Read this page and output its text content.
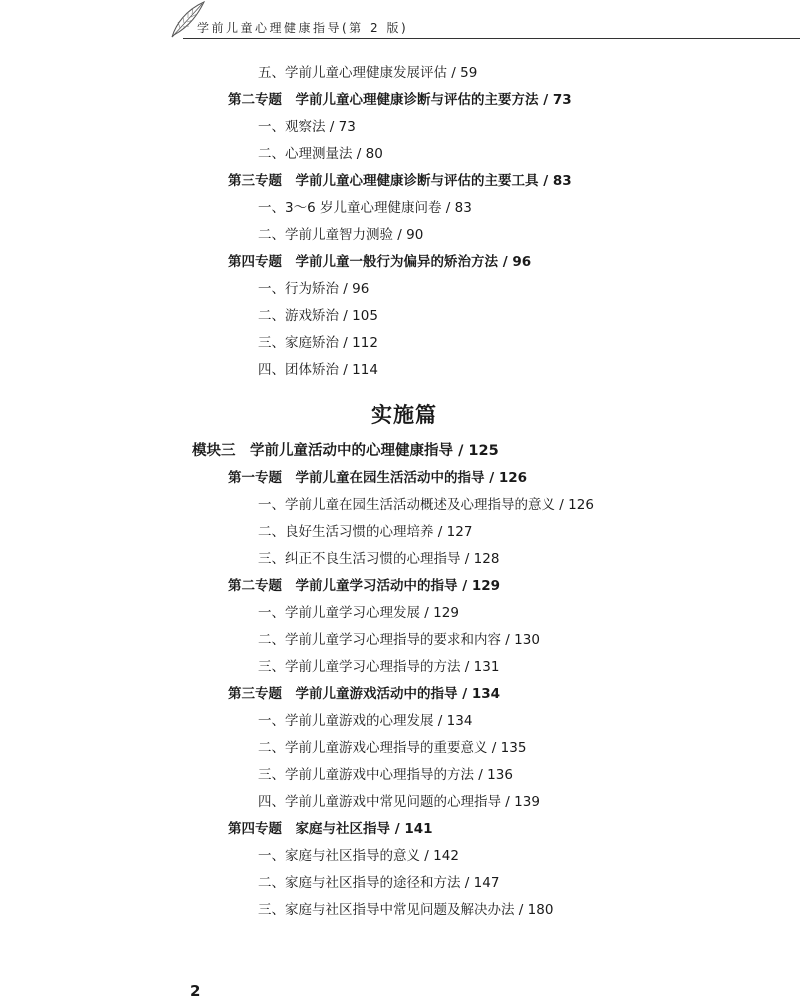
学前儿童心理健康指导(第 2 版)
五、学前儿童心理健康发展评估 / 59
第二专题　学前儿童心理健康诊断与评估的主要方法 / 73
一、观察法 / 73
二、心理测量法 / 80
第三专题　学前儿童心理健康诊断与评估的主要工具 / 83
一、3～6 岁儿童心理健康问卷 / 83
二、学前儿童智力测验 / 90
第四专题　学前儿童一般行为偏异的矫治方法 / 96
一、行为矫治 / 96
二、游戏矫治 / 105
三、家庭矫治 / 112
四、团体矫治 / 114
模块三　学前儿童活动中的心理健康指导 / 125
第一专题　学前儿童在园生活活动中的指导 / 126
一、学前儿童在园生活活动概述及心理指导的意义 / 126
二、良好生活习惯的心理培养 / 127
三、纠正不良生活习惯的心理指导 / 128
第二专题　学前儿童学习活动中的指导 / 129
一、学前儿童学习心理发展 / 129
二、学前儿童学习心理指导的要求和内容 / 130
三、学前儿童学习心理指导的方法 / 131
第三专题　学前儿童游戏活动中的指导 / 134
一、学前儿童游戏的心理发展 / 134
二、学前儿童游戏心理指导的重要意义 / 135
三、学前儿童游戏中心理指导的方法 / 136
四、学前儿童游戏中常见问题的心理指导 / 139
第四专题　家庭与社区指导 / 141
一、家庭与社区指导的意义 / 142
二、家庭与社区指导的途径和方法 / 147
三、家庭与社区指导中常见问题及解决办法 / 180
实施篇
2
